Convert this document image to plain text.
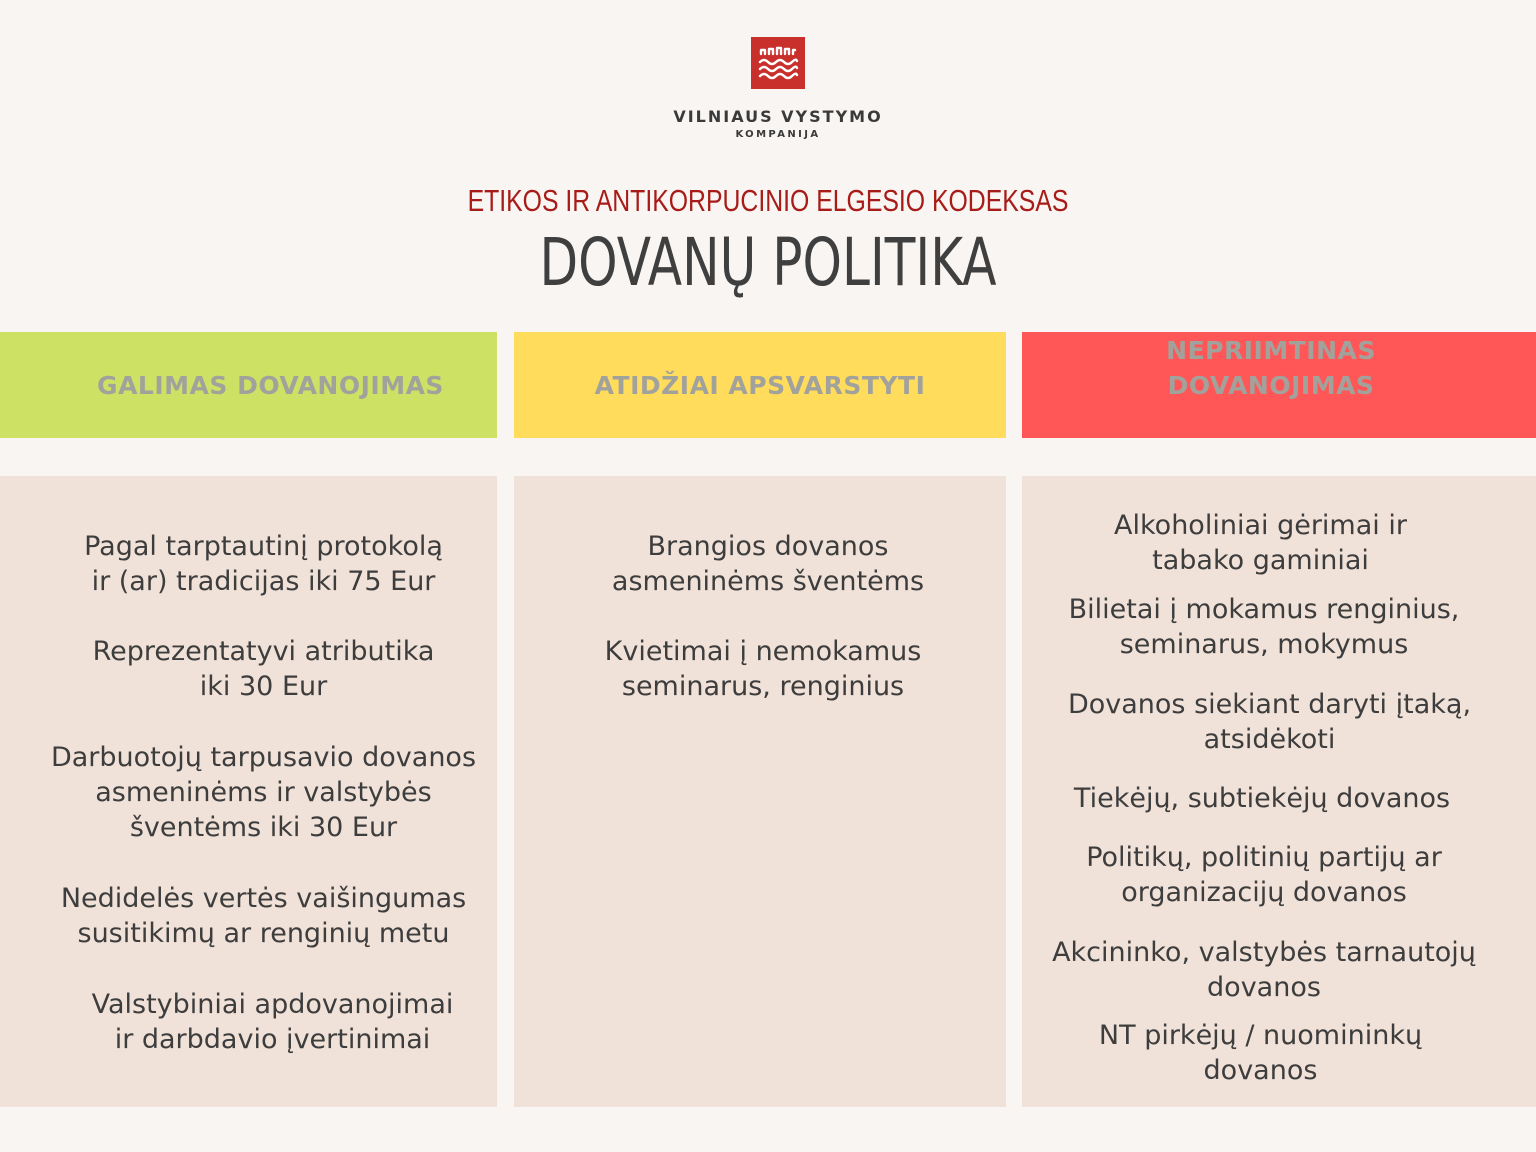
VILNIAUS VYSTYMO
KOMPANIJA
ETIKOS IR ANTIKORPUCINIO ELGESIO KODEKSAS
DOVANŲ POLITIKA
GALIMAS DOVANOJIMAS	ATIDŽIAI APSVARSTYTI
NEPRIIMTINAS DOVANOJIMAS
Pagal tarptautinį protokolą
ir (ar) tradicijas iki 75 Eur
Reprezentatyvi atributika
iki 30 Eur
Darbuotojų tarpusavio dovanos
asmeninėms ir valstybės
šventėms iki 30 Eur
Nedidelės vertės vaišingumas
susitikimų ar renginių metu
Valstybiniai apdovanojimai
ir darbdavio įvertinimai
Brangios dovanos
asmeninėms šventėms
Kvietimai į nemokamus
seminarus, renginius
Alkoholiniai gėrimai ir
tabako gaminiai
Bilietai į mokamus renginius,
seminarus, mokymus
Dovanos siekiant daryti įtaką,
atsidėkoti
Tiekėjų, subtiekėjų dovanos
Politikų, politinių partijų ar
organizacijų dovanos
Akcininko, valstybės tarnautojų
dovanos
NT pirkėjų / nuomininkų
dovanos
